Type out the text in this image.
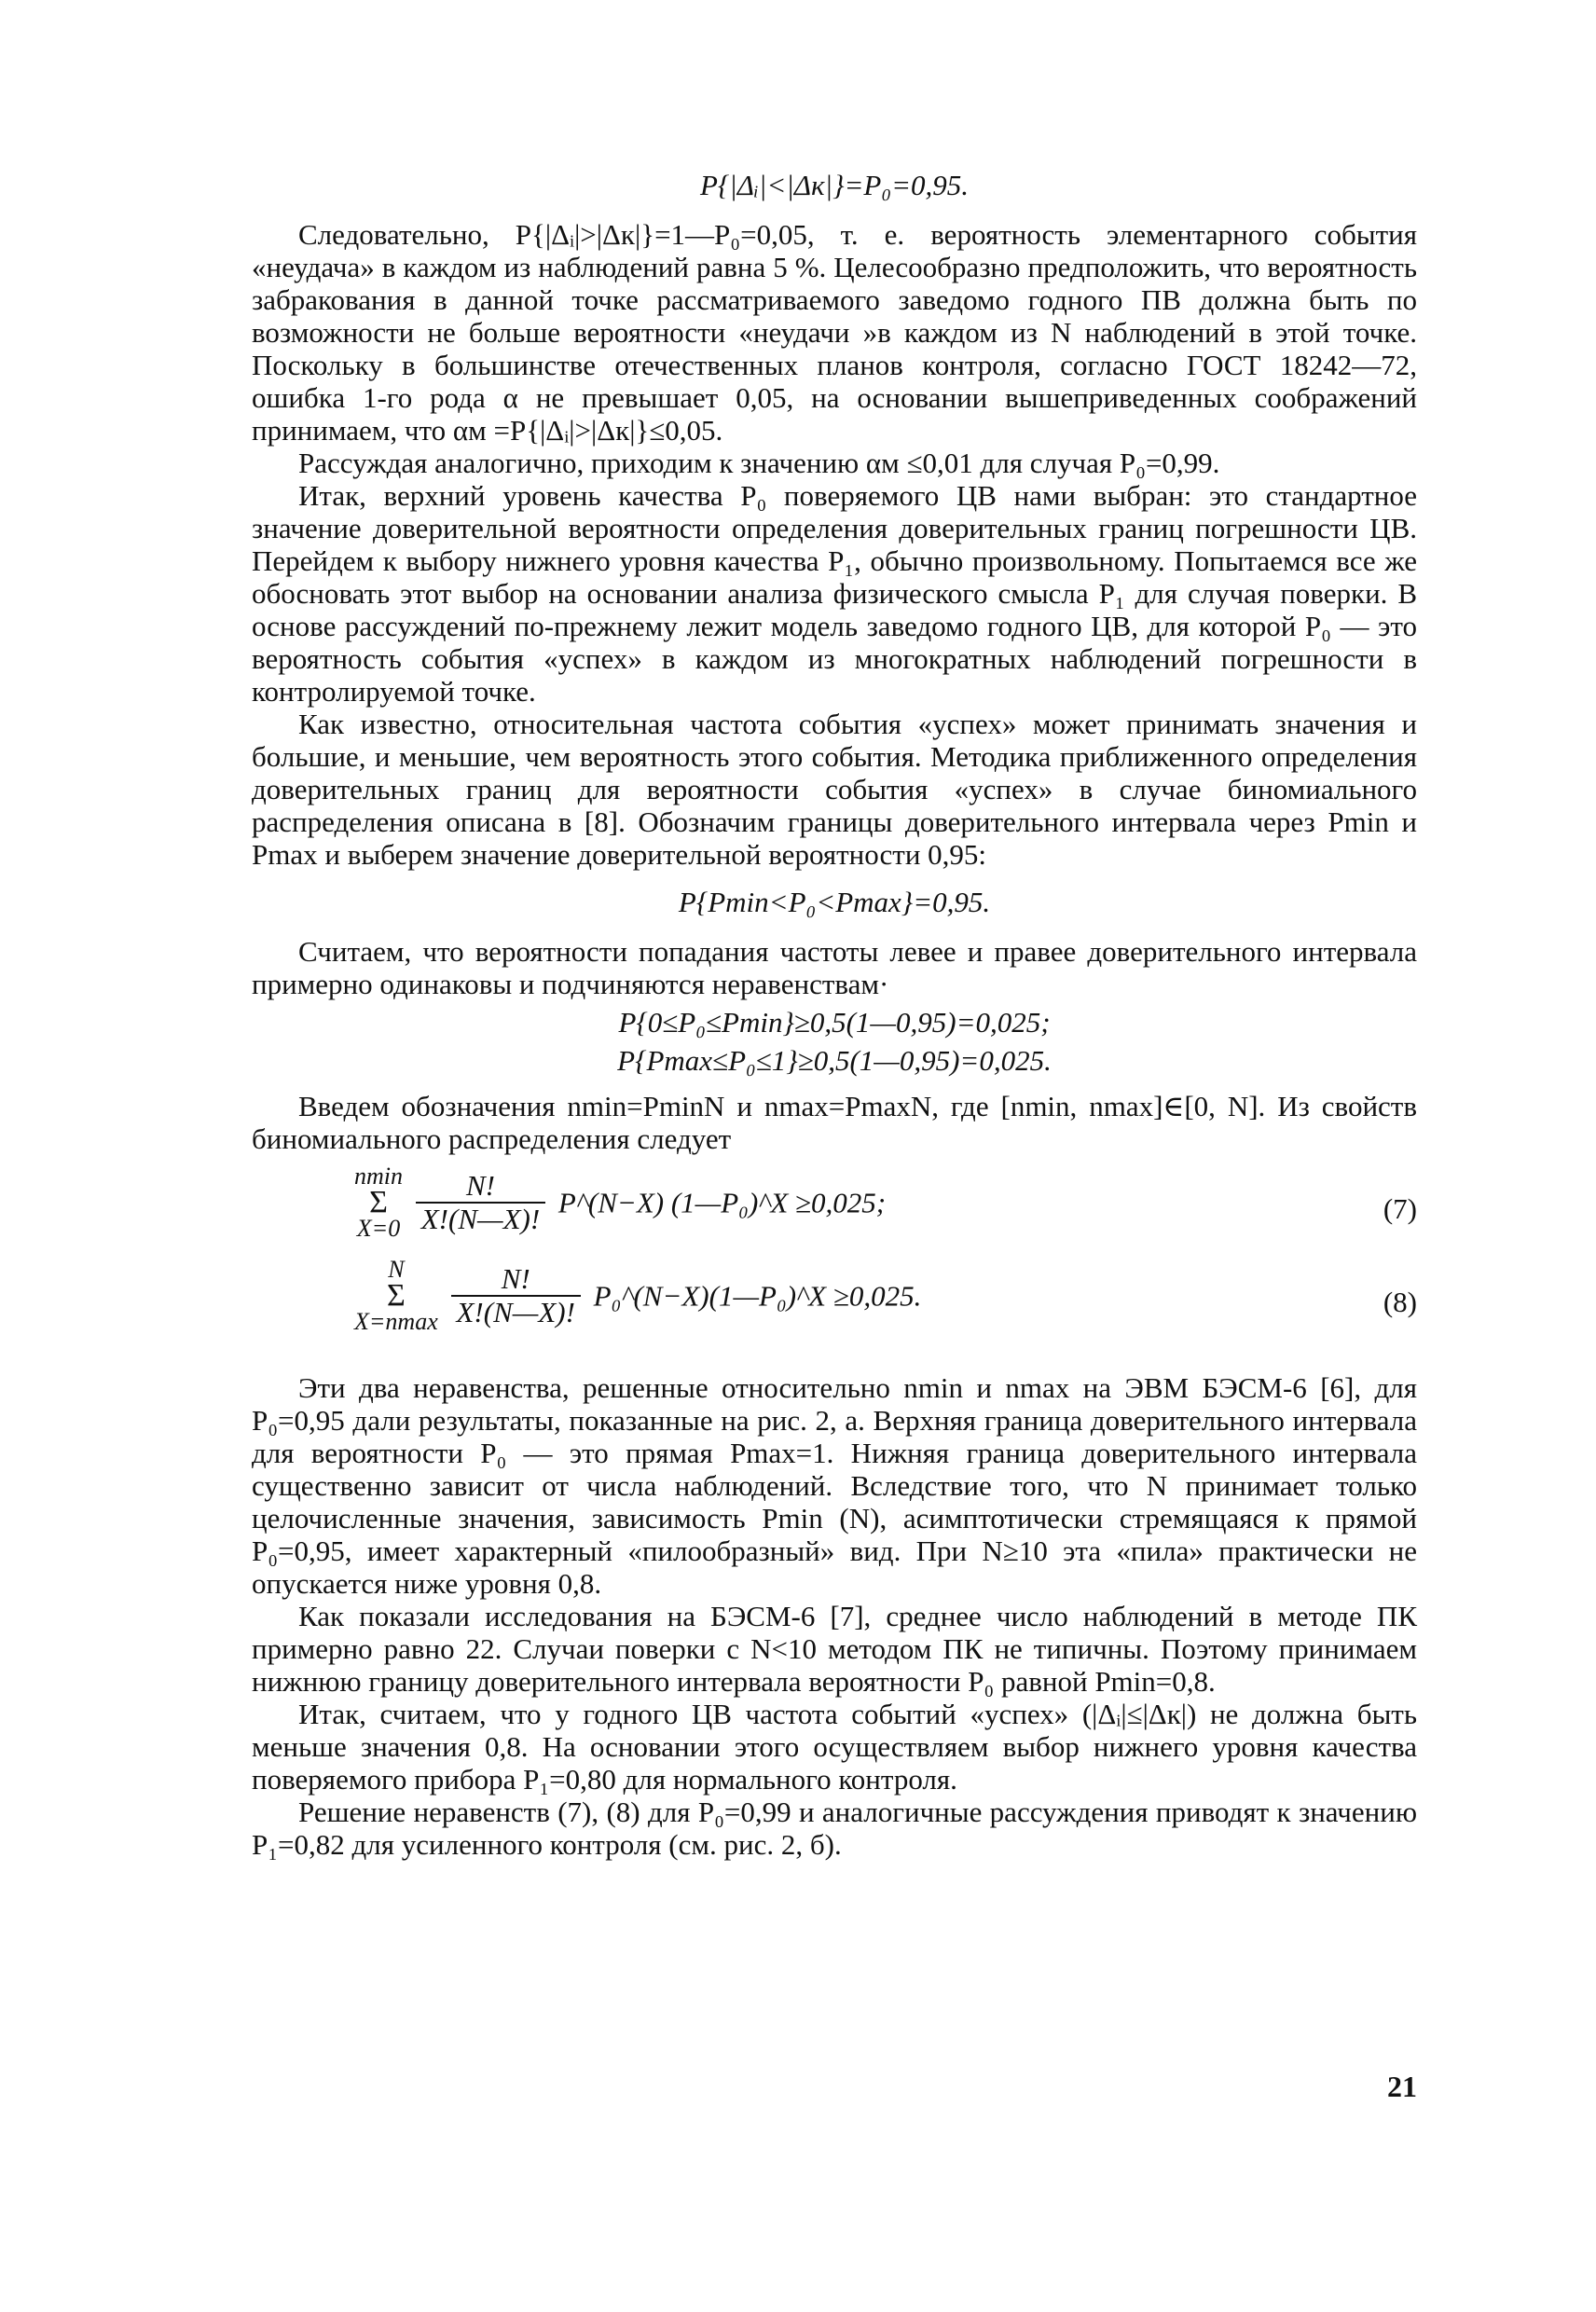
P{|Δᵢ|<|Δк|}=P₀=0,95.

Следовательно, P{|Δᵢ|>|Δк|}=1—P₀=0,05, т. е. вероятность элементарного события «неудача» в каждом из наблюдений равна 5 %. Целесообразно предположить, что вероятность забракования в данной точке рассматриваемого заведомо годного ПВ должна быть по возможности не больше вероятности «неудачи »в каждом из N наблюдений в этой точке. Поскольку в большинстве отечественных планов контроля, согласно ГОСТ 18242—72, ошибка 1-го рода α не превышает 0,05, на основании вышеприведенных соображений принимаем, что αм =P{|Δᵢ|>|Δк|}≤0,05.

Рассуждая аналогично, приходим к значению αм ≤0,01 для случая P₀=0,99.

Итак, верхний уровень качества P₀ поверяемого ЦВ нами выбран: это стандартное значение доверительной вероятности определения доверительных границ погрешности ЦВ. Перейдем к выбору нижнего уровня качества P₁, обычно произвольному. Попытаемся все же обосновать этот выбор на основании анализа физического смысла P₁ для случая поверки. В основе рассуждений по-прежнему лежит модель заведомо годного ЦВ, для которой P₀ — это вероятность события «успех» в каждом из многократных наблюдений погрешности в контролируемой точке.

Как известно, относительная частота события «успех» может принимать значения и большие, и меньшие, чем вероятность этого события. Методика приближенного определения доверительных границ для вероятности события «успех» в случае биномиального распределения описана в [8]. Обозначим границы доверительного интервала через Pmin и Pmax и выберем значение доверительной вероятности 0,95:

P{Pmin<P₀<Pmax}=0,95.

Считаем, что вероятности попадания частоты левее и правее доверительного интервала примерно одинаковы и подчиняются неравенствам·

P{0≤P₀≤Pmin}≥0,5(1—0,95)=0,025;
P{Pmax≤P₀≤1}≥0,5(1—0,95)=0,025.

Введем обозначения nmin=PminN и nmax=PmaxN, где [nmin, nmax]∈[0, N]. Из свойств биномиального распределения следует

nmin
Σ
X=0
$\frac{N!}{X!(N—X)!}$ P^(N−X) (1—P₀)^X ≥0,025;	(7)
N
Σ
X=nmax
$\frac{N!}{X!(N—X)!}$ P₀^(N−X)(1—P₀)^X ≥0,025.	(8)

Эти два неравенства, решенные относительно nmin и nmax на ЭВМ БЭСМ-6 [6], для P₀=0,95 дали результаты, показанные на рис. 2, а. Верхняя граница доверительного интервала для вероятности P₀ — это прямая Pmax=1. Нижняя граница доверительного интервала существенно зависит от числа наблюдений. Вследствие того, что N принимает только целочисленные значения, зависимость Pmin (N), асимптотически стремящаяся к прямой P₀=0,95, имеет характерный «пилообразный» вид. При N≥10 эта «пила» практически не опускается ниже уровня 0,8.

Как показали исследования на БЭСМ-6 [7], среднее число наблюдений в методе ПК примерно равно 22. Случаи поверки с N<10 методом ПК не типичны. Поэтому принимаем нижнюю границу доверительного интервала вероятности P₀ равной Pmin=0,8.

Итак, считаем, что у годного ЦВ частота событий «успех» (|Δᵢ|≤|Δк|) не должна быть меньше значения 0,8. На основании этого осуществляем выбор нижнего уровня качества поверяемого прибора P₁=0,80 для нормального контроля.

Решение неравенств (7), (8) для P₀=0,99 и аналогичные рассуждения приводят к значению P₁=0,82 для усиленного контроля (см. рис. 2, б).

21
